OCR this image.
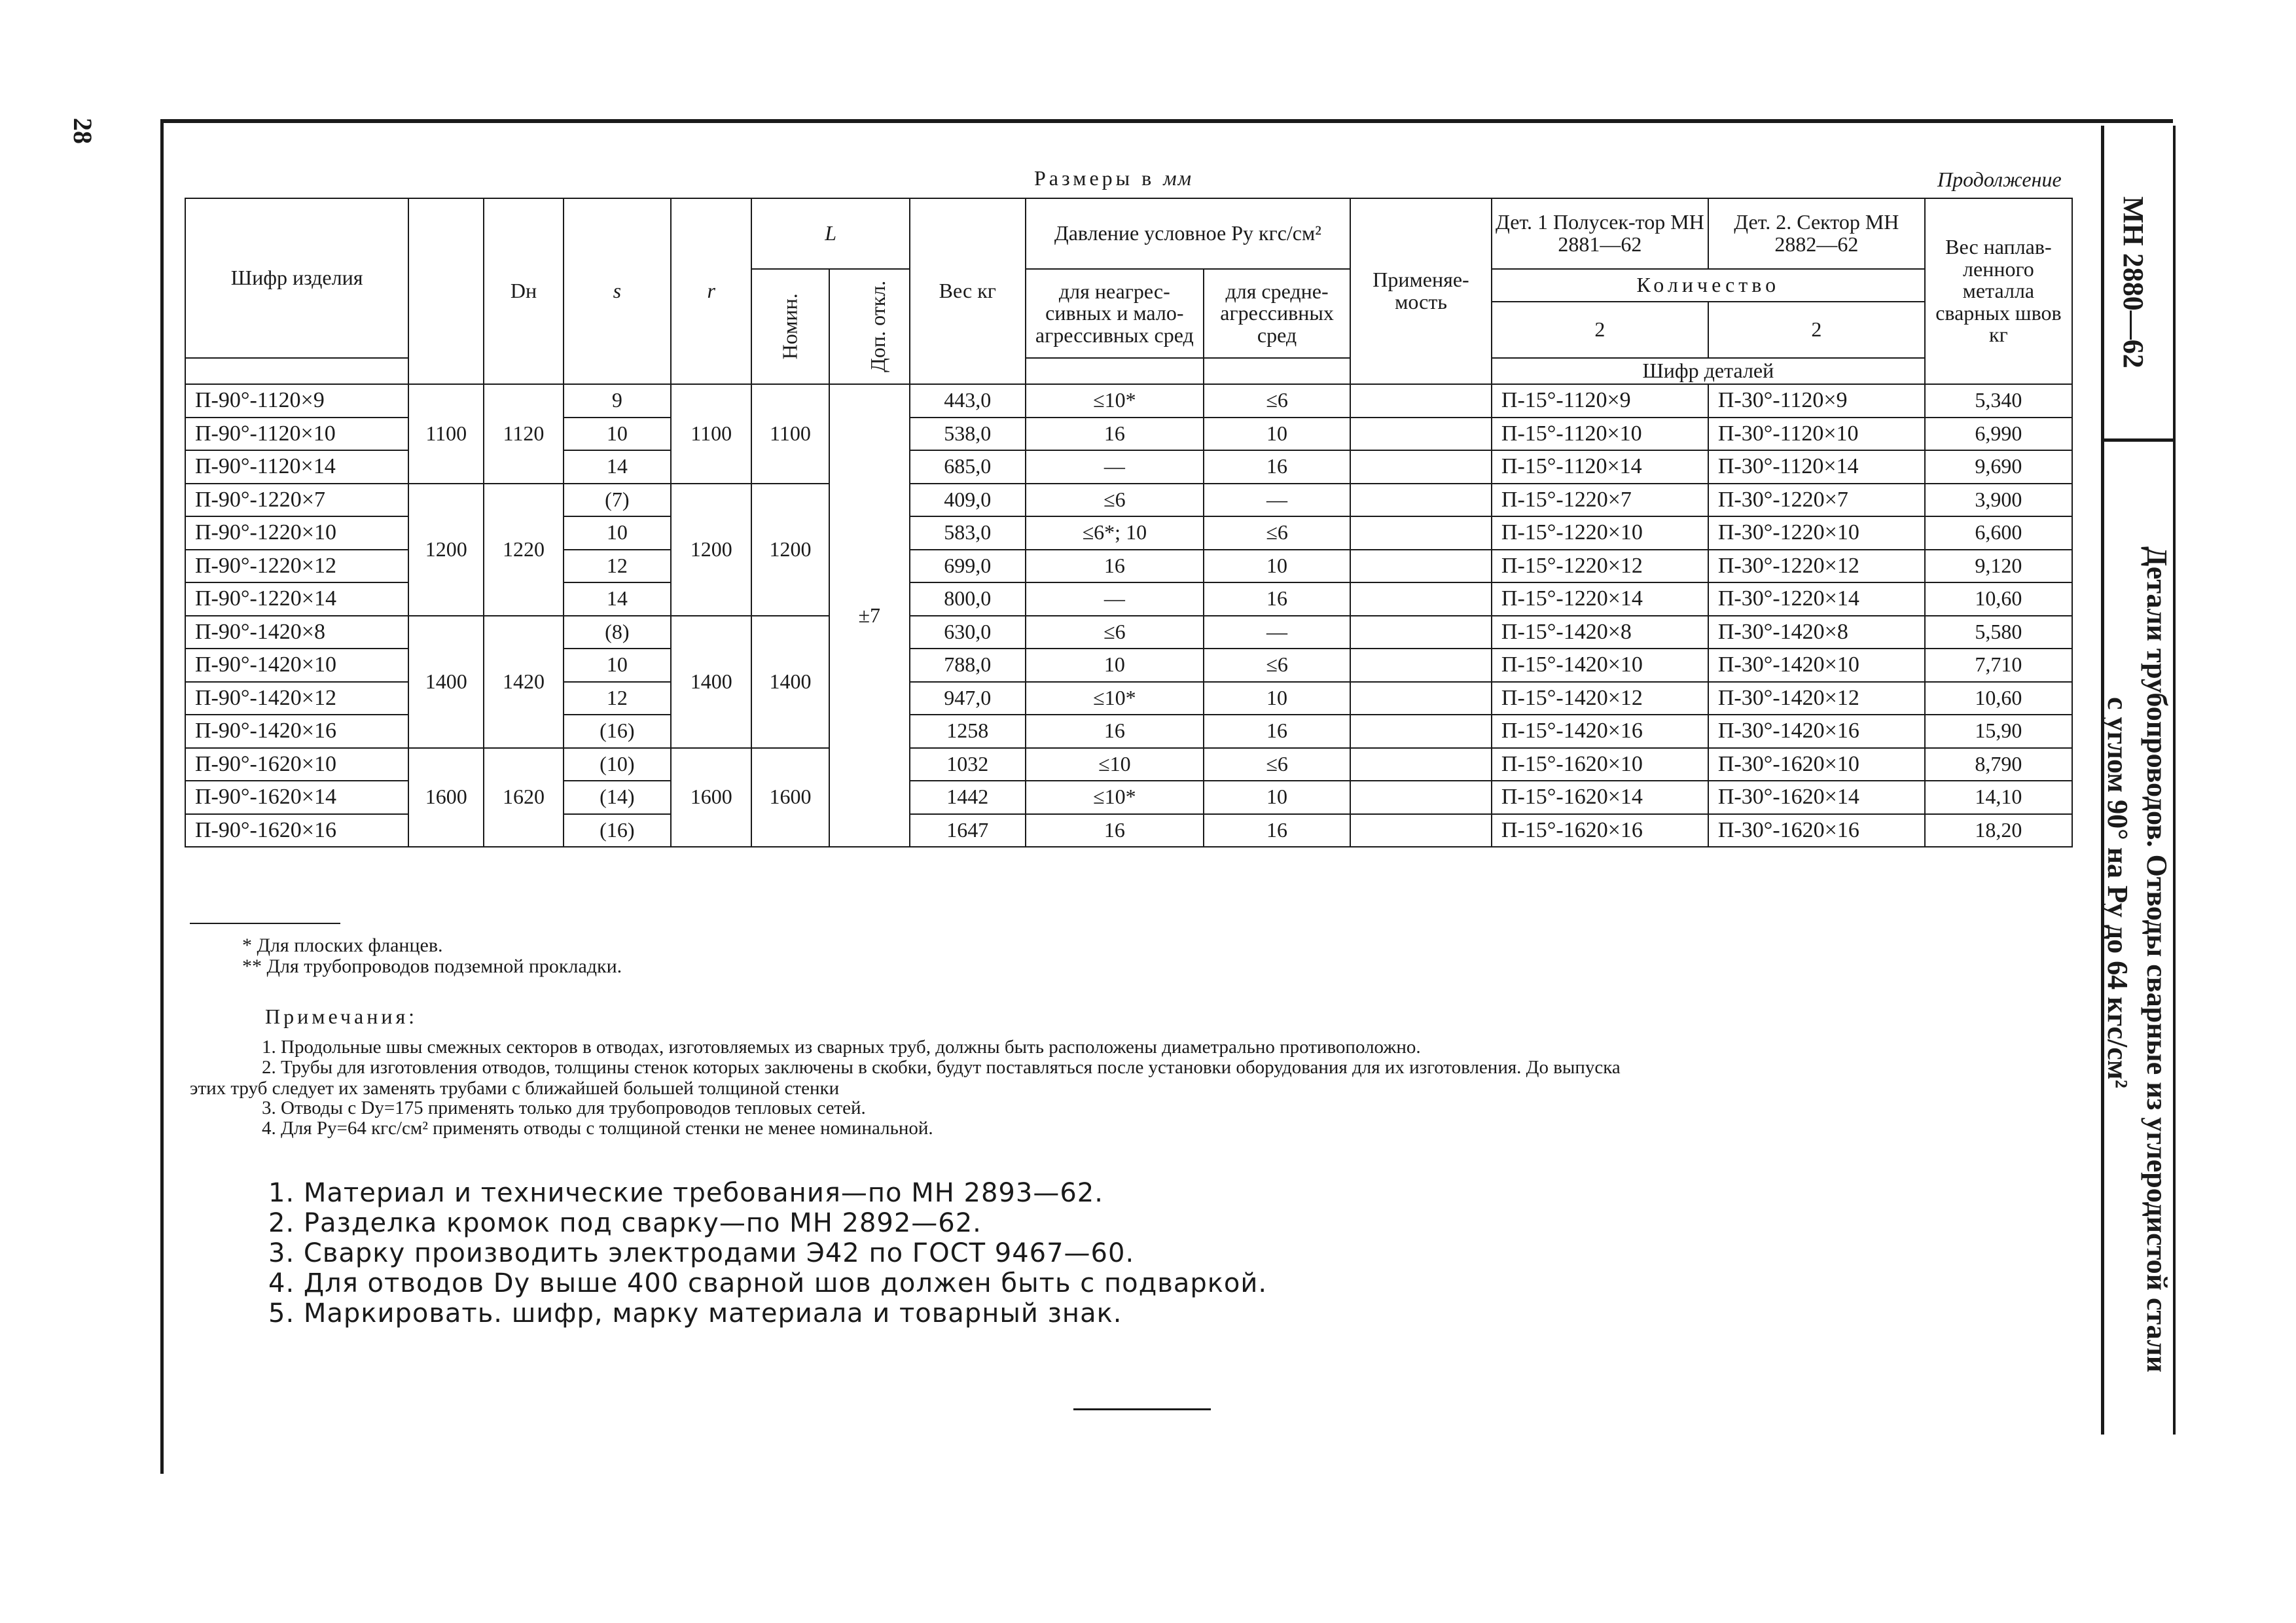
28
МН 2880—62
Детали трубопроводов. Отводы сварные из углеродистой стали
с углом 90° на Pу до 64 кгс/см²
Размеры в мм	Продолжение
Шифр изделия		Dн	s	r	L		Вес кг	Давление условное Pу кгс/см²		Применяе-мость	Дет. 1 Полусек-тор МН 2881—62	Дет. 2. Сектор МН 2882—62	Вес наплав-ленного металла сварных швов кг
					Номин.	Доп. откл.		для неагрес-сивных и мало-агрессивных сред	для средне-агрессивных сред		Количество		
											2	2	
											Шифр деталей		
П-90°-1120×9	1100	1120	9	1100	1100	±7	443,0	≤10*	≤6		П-15°-1120×9	П-30°-1120×9	5,340
П-90°-1120×10			10				538,0	16	10		П-15°-1120×10	П-30°-1120×10	6,990
П-90°-1120×14			14				685,0	—	16		П-15°-1120×14	П-30°-1120×14	9,690
П-90°-1220×7	1200	1220	(7)	1200	1200		409,0	≤6	—		П-15°-1220×7	П-30°-1220×7	3,900
П-90°-1220×10			10				583,0	≤6*; 10	≤6		П-15°-1220×10	П-30°-1220×10	6,600
П-90°-1220×12			12				699,0	16	10		П-15°-1220×12	П-30°-1220×12	9,120
П-90°-1220×14			14				800,0	—	16		П-15°-1220×14	П-30°-1220×14	10,60
П-90°-1420×8	1400	1420	(8)	1400	1400		630,0	≤6	—		П-15°-1420×8	П-30°-1420×8	5,580
П-90°-1420×10			10				788,0	10	≤6		П-15°-1420×10	П-30°-1420×10	7,710
П-90°-1420×12			12				947,0	≤10*	10		П-15°-1420×12	П-30°-1420×12	10,60
П-90°-1420×16			(16)				1258	16	16		П-15°-1420×16	П-30°-1420×16	15,90
П-90°-1620×10	1600	1620	(10)	1600	1600		1032	≤10	≤6		П-15°-1620×10	П-30°-1620×10	8,790
П-90°-1620×14			(14)				1442	≤10*	10		П-15°-1620×14	П-30°-1620×14	14,10
П-90°-1620×16			(16)				1647	16	16		П-15°-1620×16	П-30°-1620×16	18,20
* Для плоских фланцев.
** Для трубопроводов подземной прокладки.
Примечания:
1. Продольные швы смежных секторов в отводах, изготовляемых из сварных труб, должны быть расположены диаметрально противоположно.
2. Трубы для изготовления отводов, толщины стенок которых заключены в скобки, будут поставляться после установки оборудования для их изготовления. До выпуска
этих труб следует их заменять трубами с ближайшей большей толщиной стенки
3. Отводы с Dу=175 применять только для трубопроводов тепловых сетей.
4. Для Pу=64 кгс/см² применять отводы с толщиной стенки не менее номинальной.
1. Материал и технические требования—по МН 2893—62.
2. Разделка кромок под сварку—по МН 2892—62.
3. Сварку производить электродами Э42 по ГОСТ 9467—60.
4. Для отводов Dу выше 400 сварной шов должен быть с подваркой.
5. Маркировать. шифр, марку материала и товарный знак.
